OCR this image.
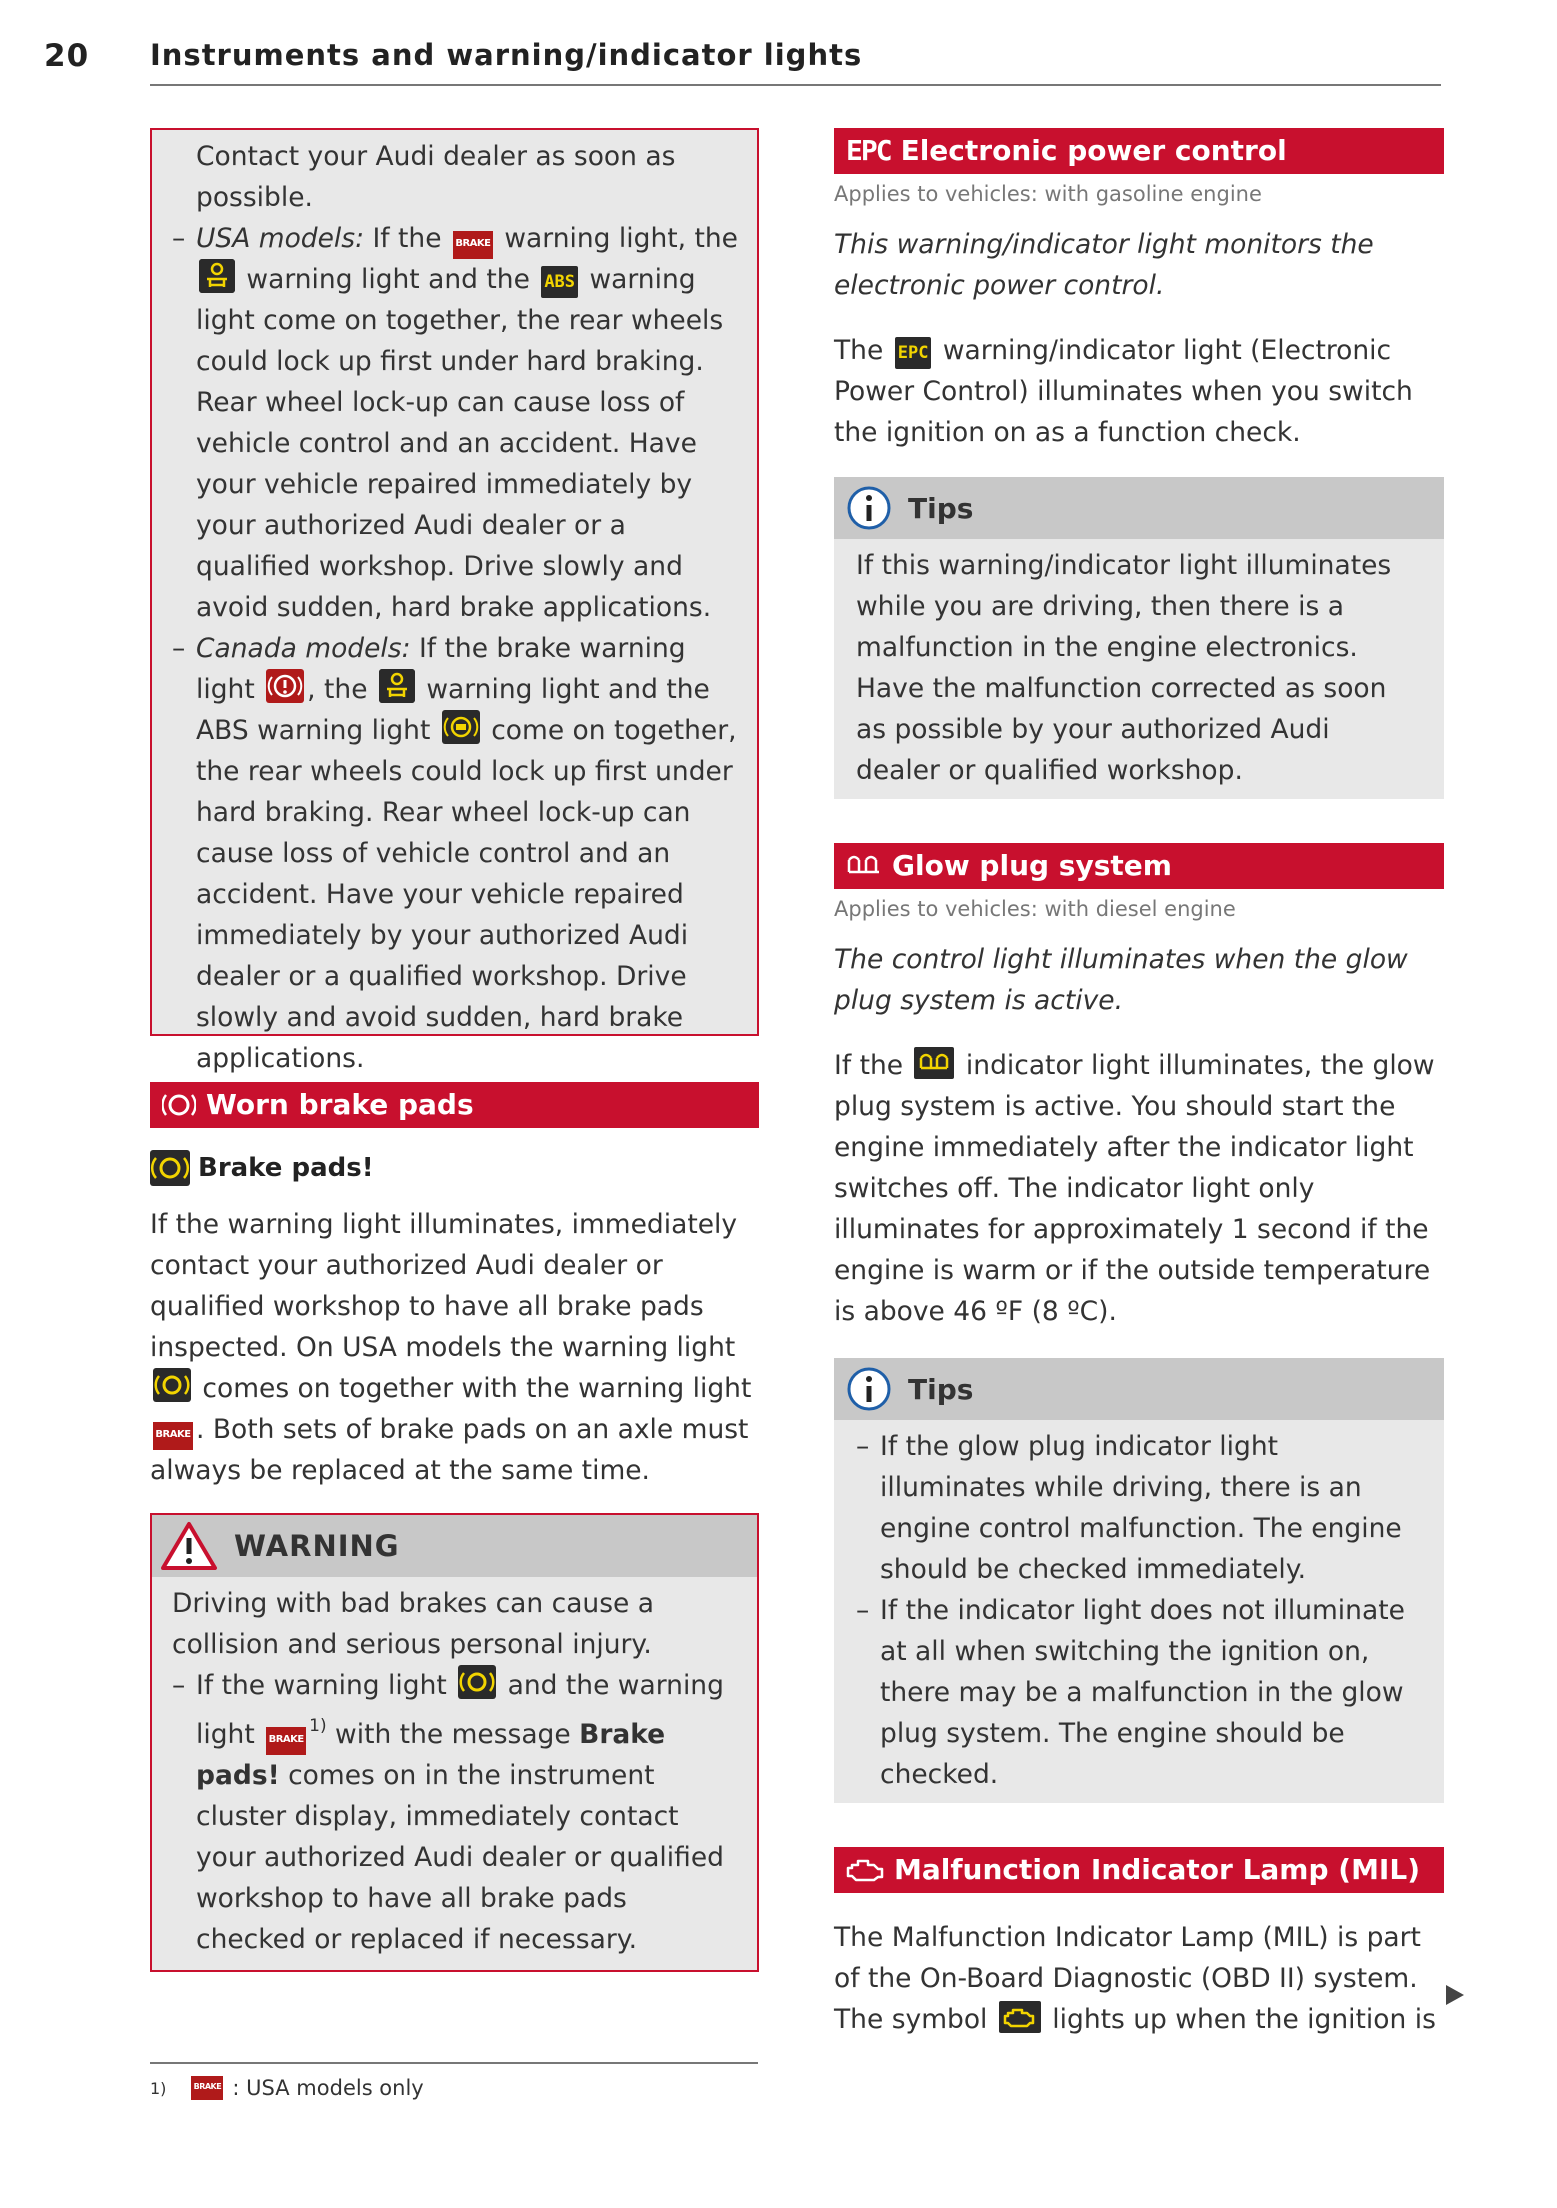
20 Instruments and warning/indicator lights

Contact your Audi dealer as soon as possible.

– USA models: If the BRAKE warning light, the  warning light and the ABS warning light come on together, the rear wheels could lock up first under hard braking. Rear wheel lock-up can cause loss of vehicle control and an accident. Have your vehicle repaired immediately by your authorized Audi dealer or a qualified workshop. Drive slowly and avoid sudden, hard brake applications.
– Canada models: If the brake warning light , the  warning light and the ABS warning light  come on together, the rear wheels could lock up first under hard braking. Rear wheel lock-up can cause loss of vehicle control and an accident. Have your vehicle repaired immediately by your authorized Audi dealer or a qualified workshop. Drive slowly and avoid sudden, hard brake applications.
Worn brake pads
Brake pads!

If the warning light illuminates, immediately contact your authorized Audi dealer or qualified workshop to have all brake pads inspected. On USA models the warning light  comes on together with the warning light BRAKE . Both sets of brake pads on an axle must always be replaced at the same time.

WARNING

Driving with bad brakes can cause a collision and serious personal injury.

– If the warning light  and the warning light BRAKE$^{1)}$ with the message Brake pads! comes on in the instrument cluster display, immediately contact your authorized Audi dealer or qualified workshop to have all brake pads checked or replaced if necessary.
EPC Electronic power control

Applies to vehicles: with gasoline engine

This warning/indicator light monitors the electronic power control.

The EPC warning/indicator light (Electronic Power Control) illuminates when you switch the ignition on as a function check.

Tips

If this warning/indicator light illuminates while you are driving, then there is a malfunction in the engine electronics. Have the malfunction corrected as soon as possible by your authorized Audi dealer or qualified workshop.

Glow plug system

Applies to vehicles: with diesel engine

The control light illuminates when the glow plug system is active.

If the  indicator light illuminates, the glow plug system is active. You should start the engine immediately after the indicator light switches off. The indicator light only illuminates for approximately 1 second if the engine is warm or if the outside temperature is above 46 ºF (8 ºC).

Tips
– If the glow plug indicator light illuminates while driving, there is an engine control malfunction. The engine should be checked immediately.
– If the indicator light does not illuminate at all when switching the ignition on, there may be a malfunction in the glow plug system. The engine should be checked.
Malfunction Indicator Lamp (MIL)

The Malfunction Indicator Lamp (MIL) is part of the On-Board Diagnostic (OBD II) system. The symbol  lights up when the ignition is

1)	BRAKE : USA models only
